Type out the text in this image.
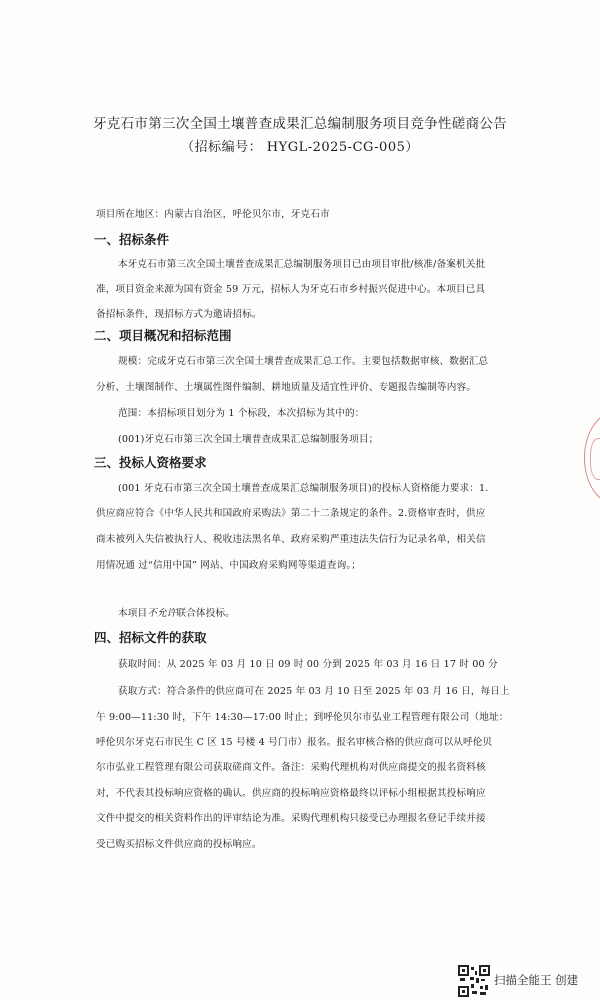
牙克石市第三次全国土壤普查成果汇总编制服务项目竞争性磋商公告
（招标编号： HYGL-2025-CG-005）
项目所在地区：内蒙古自治区，呼伦贝尔市，牙克石市
一、招标条件
本牙克石市第三次全国土壤普查成果汇总编制服务项目已由项目审批/核准/备案机关批
准，项目资金来源为国有资金 59 万元，招标人为牙克石市乡村振兴促进中心。本项目已具
备招标条件，现招标方式为邀请招标。
二、项目概况和招标范围
规模：完成牙克石市第三次全国土壤普查成果汇总工作。主要包括数据审核、数据汇总
分析、土壤图制作、土壤属性图件编制、耕地质量及适宜性评价、专题报告编制等内容。
范围：本招标项目划分为 1 个标段，本次招标为其中的：
(001)牙克石市第三次全国土壤普查成果汇总编制服务项目；
三、投标人资格要求
(001 牙克石市第三次全国土壤普查成果汇总编制服务项目)的投标人资格能力要求：1.
供应商应符合《中华人民共和国政府采购法》第二十二条规定的条件。2.资格审查时，供应
商未被列入失信被执行人、税收违法黑名单、政府采购严重违法失信行为记录名单，相关信
用情况通 过“信用中国” 网站、中国政府采购网等渠道查询。；
本项目不允许联合体投标。
四、招标文件的获取
获取时间：从 2025 年 03 月 10 日 09 时 00 分到 2025 年 03 月 16 日 17 时 00 分
获取方式：符合条件的供应商可在 2025 年 03 月 10 日至 2025 年 03 月 16 日，每日上
午 9:00—11:30 时，下午 14:30—17:00 时止；到呼伦贝尔市弘业工程管理有限公司（地址：
呼伦贝尔牙克石市民生 C 区 15 号楼 4 号门市）报名。报名审核合格的供应商可以从呼伦贝
尔市弘业工程管理有限公司获取磋商文件。备注：采购代理机构对供应商提交的报名资料核
对，不代表其投标响应资格的确认。供应商的投标响应资格最终以评标小组根据其投标响应
文件中提交的相关资料作出的评审结论为准。采购代理机构只接受已办理报名登记手续并接
受已购买招标文件供应商的投标响应。
扫描全能王 创建
